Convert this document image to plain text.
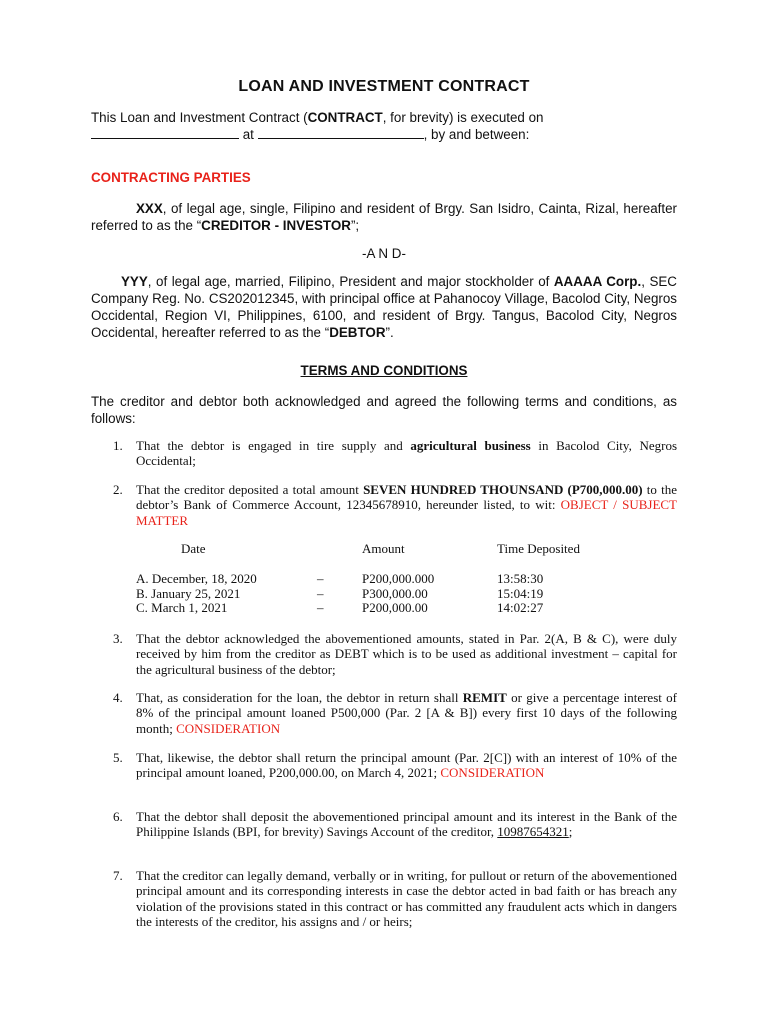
LOAN AND INVESTMENT CONTRACT
This Loan and Investment Contract (CONTRACT, for brevity) is executed on
at	, by and between:
CONTRACTING PARTIES
XXX, of legal age, single, Filipino and resident of Brgy. San Isidro, Cainta, Rizal, hereafter referred to as the “CREDITOR - INVESTOR”;
-A N D-
YYY, of legal age, married, Filipino, President and major stockholder of AAAAA Corp., SEC Company Reg. No. CS202012345, with principal office at Pahanocoy Village, Bacolod City, Negros Occidental, Region VI, Philippines, 6100, and resident of Brgy. Tangus, Bacolod City, Negros Occidental, hereafter referred to as the “DEBTOR”.
TERMS AND CONDITIONS
The creditor and debtor both acknowledged and agreed the following terms and conditions, as follows:
1.	That the debtor is engaged in tire supply and agricultural business in Bacolod City, Negros Occidental;
2.	That the creditor deposited a total amount SEVEN HUNDRED THOUNSAND (P700,000.00) to the debtor’s Bank of Commerce Account, 12345678910, hereunder listed, to wit: OBJECT / SUBJECT MATTER
Date	Amount	Time Deposited
A. December, 18, 2020	–	P200,000.000	13:58:30
B. January 25, 2021	–	P300,000.00	15:04:19
C. March 1, 2021	–	P200,000.00	14:02:27
3.	That the debtor acknowledged the abovementioned amounts, stated in Par. 2(A, B & C), were duly received by him from the creditor as DEBT which is to be used as additional investment – capital for the agricultural business of the debtor;
4.	That, as consideration for the loan, the debtor in return shall REMIT or give a percentage interest of 8% of the principal amount loaned P500,000 (Par. 2 [A & B]) every first 10 days of the following month; CONSIDERATION
5.	That, likewise, the debtor shall return the principal amount (Par. 2[C]) with an interest of 10% of the principal amount loaned, P200,000.00, on March 4, 2021; CONSIDERATION
6.	That the debtor shall deposit the abovementioned principal amount and its interest in the Bank of the Philippine Islands (BPI, for brevity) Savings Account of the creditor, 10987654321;
7.	That the creditor can legally demand, verbally or in writing, for pullout or return of the abovementioned principal amount and its corresponding interests in case the debtor acted in bad faith or has breach any violation of the provisions stated in this contract or has committed any fraudulent acts which in dangers the interests of the creditor, his assigns and / or heirs;
